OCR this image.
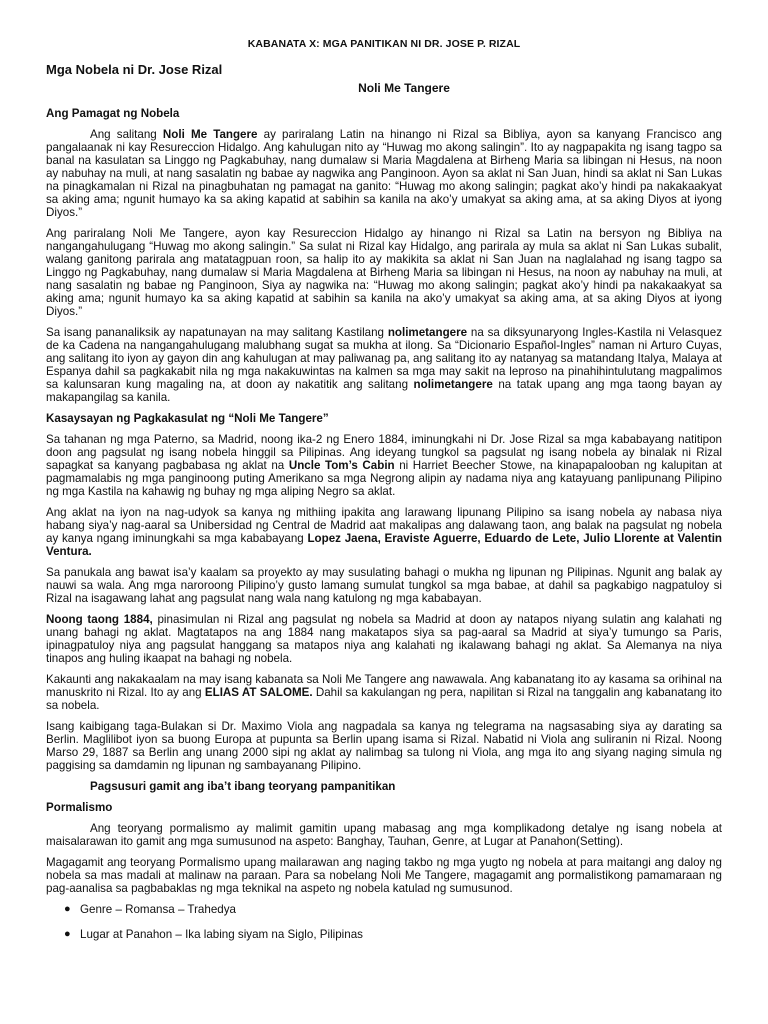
KABANATA X: MGA PANITIKAN NI DR. JOSE P. RIZAL
Mga Nobela ni Dr. Jose Rizal
Noli Me Tangere
Ang Pamagat ng Nobela

Ang salitang Noli Me Tangere ay pariralang Latin na hinango ni Rizal sa Bibliya, ayon sa kanyang Francisco ang pangalaanak ni kay Resureccion Hidalgo. Ang kahulugan nito ay “Huwag mo akong salingin”. Ito ay nagpapakita ng isang tagpo sa banal na kasulatan sa Linggo ng Pagkabuhay, nang dumalaw si Maria Magdalena at Birheng Maria sa libingan ni Hesus, na noon ay nabuhay na muli, at nang sasalatin ng babae ay nagwika ang Panginoon. Ayon sa aklat ni San Juan, hindi sa aklat ni San Lukas na pinagkamalan ni Rizal na pinagbuhatan ng pamagat na ganito: “Huwag mo akong salingin; pagkat ako’y hindi pa nakakaakyat sa aking ama; ngunit humayo ka sa aking kapatid at sabihin sa kanila na ako’y umakyat sa aking ama, at sa aking Diyos at iyong Diyos.”

Ang pariralang Noli Me Tangere, ayon kay Resureccion Hidalgo ay hinango ni Rizal sa Latin na bersyon ng Bibliya na nangangahulugang “Huwag mo akong salingin.” Sa sulat ni Rizal kay Hidalgo, ang parirala ay mula sa aklat ni San Lukas subalit, walang ganitong parirala ang matatagpuan roon, sa halip ito ay makikita sa aklat ni San Juan na naglalahad ng isang tagpo sa Linggo ng Pagkabuhay, nang dumalaw si Maria Magdalena at Birheng Maria sa libingan ni Hesus, na noon ay nabuhay na muli, at nang sasalatin ng babae ng Panginoon, Siya ay nagwika na: “Huwag mo akong salingin; pagkat ako’y hindi pa nakakaakyat sa aking ama; ngunit humayo ka sa aking kapatid at sabihin sa kanila na ako’y umakyat sa aking ama, at sa aking Diyos at iyong Diyos.”

Sa isang pananaliksik ay napatunayan na may salitang Kastilang nolimetangere na sa diksyunaryong Ingles-Kastila ni Velasquez de ka Cadena na nangangahulugang malubhang sugat sa mukha at ilong. Sa “Dicionario Español-Ingles” naman ni Arturo Cuyas, ang salitang ito iyon ay gayon din ang kahulugan at may paliwanag pa, ang salitang ito ay natanyag sa matandang Italya, Malaya at Espanya dahil sa pagkakabit nila ng mga nakakuwintas na kalmen sa mga may sakit na leproso na pinahihintulutang magpalimos sa kalunsaran kung magaling na, at doon ay nakatitik ang salitang nolimetangere na tatak upang ang mga taong bayan ay makapangilag sa kanila.

Kasaysayan ng Pagkakasulat ng “Noli Me Tangere”

Sa tahanan ng mga Paterno, sa Madrid, noong ika-2 ng Enero 1884, iminungkahi ni Dr. Jose Rizal sa mga kababayang natitipon doon ang pagsulat ng isang nobela hinggil sa Pilipinas. Ang ideyang tungkol sa pagsulat ng isang nobela ay binalak ni Rizal sapagkat sa kanyang pagbabasa ng aklat na Uncle Tom’s Cabin ni Harriet Beecher Stowe, na kinapapalooban ng kalupitan at pagmamalabis ng mga panginoong puting Amerikano sa mga Negrong alipin ay nadama niya ang katayuang panlipunang Pilipino ng mga Kastila na kahawig ng buhay ng mga aliping Negro sa aklat.

Ang aklat na iyon na nag-udyok sa kanya ng mithiing ipakita ang larawang lipunang Pilipino sa isang nobela ay nabasa niya habang siya’y nag-aaral sa Unibersidad ng Central de Madrid aat makalipas ang dalawang taon, ang balak na pagsulat ng nobela ay kanya ngang iminungkahi sa mga kababayang Lopez Jaena, Eraviste Aguerre, Eduardo de Lete, Julio Llorente at Valentin Ventura.

Sa panukala ang bawat isa’y kaalam sa proyekto ay may susulating bahagi o mukha ng lipunan ng Pilipinas. Ngunit ang balak ay nauwi sa wala. Ang mga naroroong Pilipino’y gusto lamang sumulat tungkol sa mga babae, at dahil sa pagkabigo nagpatuloy si Rizal na isagawang lahat ang pagsulat nang wala nang katulong ng mga kababayan.

Noong taong 1884, pinasimulan ni Rizal ang pagsulat ng nobela sa Madrid at doon ay natapos niyang sulatin ang kalahati ng unang bahagi ng aklat. Magtatapos na ang 1884 nang makatapos siya sa pag-aaral sa Madrid at siya’y tumungo sa Paris, ipinagpatuloy niya ang pagsulat hanggang sa matapos niya ang kalahati ng ikalawang bahagi ng aklat. Sa Alemanya na niya tinapos ang huling ikaapat na bahagi ng nobela.

Kakaunti ang nakakaalam na may isang kabanata sa Noli Me Tangere ang nawawala. Ang kabanatang ito ay kasama sa orihinal na manuskrito ni Rizal. Ito ay ang ELIAS AT SALOME. Dahil sa kakulangan ng pera, napilitan si Rizal na tanggalin ang kabanatang ito sa nobela.

Isang kaibigang taga-Bulakan si Dr. Maximo Viola ang nagpadala sa kanya ng telegrama na nagsasabing siya ay darating sa Berlin. Maglilibot iyon sa buong Europa at pupunta sa Berlin upang isama si Rizal. Nabatid ni Viola ang suliranin ni Rizal. Noong Marso 29, 1887 sa Berlin ang unang 2000 sipi ng aklat ay nalimbag sa tulong ni Viola, ang mga ito ang siyang naging simula ng paggising sa damdamin ng lipunan ng sambayanang Pilipino.

Pagsusuri gamit ang iba’t ibang teoryang pampanitikan
Pormalismo

Ang teoryang pormalismo ay malimit gamitin upang mabasag ang mga komplikadong detalye ng isang nobela at maisalarawan ito gamit ang mga sumusunod na aspeto: Banghay, Tauhan, Genre, at Lugar at Panahon(Setting).

Magagamit ang teoryang Pormalismo upang mailarawan ang naging takbo ng mga yugto ng nobela at para maitangi ang daloy ng nobela sa mas madali at malinaw na paraan. Para sa nobelang Noli Me Tangere, magagamit ang pormalistikong pamamaraan ng pag-aanalisa sa pagbabaklas ng mga teknikal na aspeto ng nobela katulad ng sumusunod.

● Genre – Romansa – Trahedya
● Lugar at Panahon – Ika labing siyam na Siglo, Pilipinas
